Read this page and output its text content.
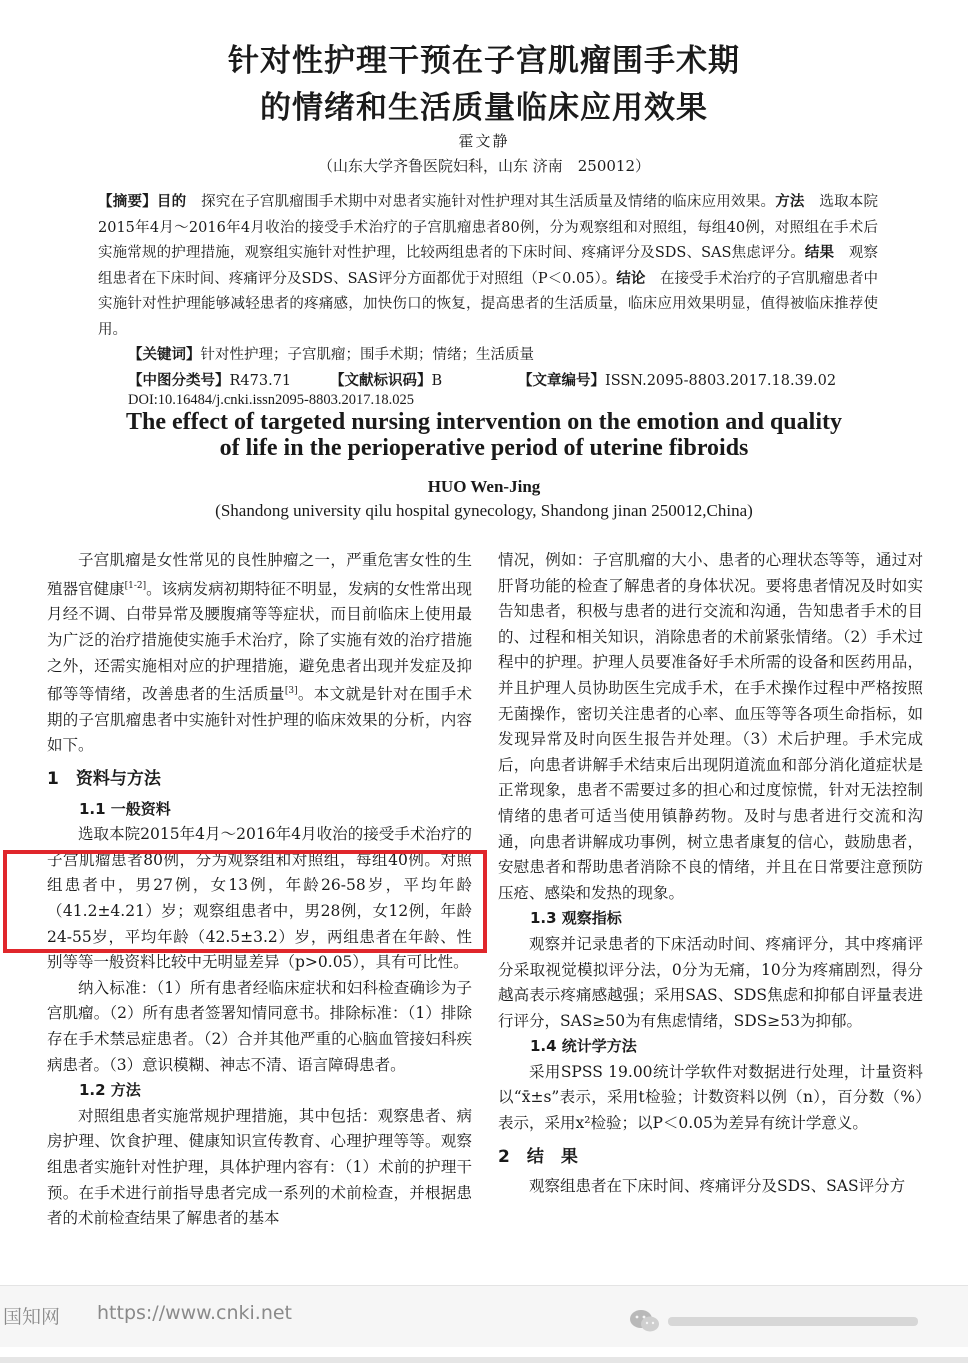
针对性护理干预在子宫肌瘤围手术期
的情绪和生活质量临床应用效果
霍文静
（山东大学齐鲁医院妇科，山东 济南　250012）
【摘要】目的　探究在子宫肌瘤围手术期中对患者实施针对性护理对其生活质量及情绪的临床应用效果。方法　选取本院2015年4月～2016年4月收治的接受手术治疗的子宫肌瘤患者80例，分为观察组和对照组，每组40例，对照组在手术后实施常规的护理措施，观察组实施针对性护理，比较两组患者的下床时间、疼痛评分及SDS、SAS焦虑评分。结果　观察组患者在下床时间、疼痛评分及SDS、SAS评分方面都优于对照组（P＜0.05）。结论　在接受手术治疗的子宫肌瘤患者中实施针对性护理能够减轻患者的疼痛感，加快伤口的恢复，提高患者的生活质量，临床应用效果明显，值得被临床推荐使用。
【关键词】针对性护理；子宫肌瘤；围手术期；情绪；生活质量
【中图分类号】R473.71	【文献标识码】B	【文章编号】ISSN.2095-8803.2017.18.39.02
DOI:10.16484/j.cnki.issn2095-8803.2017.18.025
The effect of targeted nursing intervention on the emotion and quality
of life in the perioperative period of uterine fibroids
HUO Wen-Jing
(Shandong university qilu hospital gynecology, Shandong jinan 250012,China)

子宫肌瘤是女性常见的良性肿瘤之一，严重危害女性的生殖器官健康[1-2]。该病发病初期特征不明显，发病的女性常出现月经不调、白带异常及腰腹痛等等症状，而目前临床上使用最为广泛的治疗措施使实施手术治疗，除了实施有效的治疗措施之外，还需实施相对应的护理措施，避免患者出现并发症及抑郁等等情绪，改善患者的生活质量[3]。本文就是针对在围手术期的子宫肌瘤患者中实施针对性护理的临床效果的分析，内容如下。

1　资料与方法
1.1 一般资料

选取本院2015年4月～2016年4月收治的接受手术治疗的子宫肌瘤患者80例，分为观察组和对照组，每组40例。对照组患者中，男27例，女13例，年龄26-58岁，平均年龄（41.2±4.21）岁；观察组患者中，男28例，女12例，年龄24-55岁，平均年龄（42.5±3.2）岁，两组患者在年龄、性别等等一般资料比较中无明显差异（p>0.05），具有可比性。

纳入标准：（1）所有患者经临床症状和妇科检查确诊为子宫肌瘤。（2）所有患者签署知情同意书。排除标准：（1）排除存在手术禁忌症患者。（2）合并其他严重的心脑血管接妇科疾病患者。（3）意识模糊、神志不清、语言障碍患者。

1.2 方法

对照组患者实施常规护理措施，其中包括：观察患者、病房护理、饮食护理、健康知识宣传教育、心理护理等等。观察组患者实施针对性护理，具体护理内容有：（1）术前的护理干预。在手术进行前指导患者完成一系列的术前检查，并根据患者的术前检查结果了解患者的基本

情况，例如：子宫肌瘤的大小、患者的心理状态等等，通过对肝肾功能的检查了解患者的身体状况。要将患者情况及时如实告知患者，积极与患者的进行交流和沟通，告知患者手术的目的、过程和相关知识，消除患者的术前紧张情绪。（2）手术过程中的护理。护理人员要准备好手术所需的设备和医药用品，并且护理人员协助医生完成手术，在手术操作过程中严格按照无菌操作，密切关注患者的心率、血压等等各项生命指标，如发现异常及时向医生报告并处理。（3）术后护理。手术完成后，向患者讲解手术结束后出现阴道流血和部分消化道症状是正常现象，患者不需要过多的担心和过度惊慌，针对无法控制情绪的患者可适当使用镇静药物。及时与患者进行交流和沟通，向患者讲解成功事例，树立患者康复的信心，鼓励患者，安慰患者和帮助患者消除不良的情绪，并且在日常要注意预防压疮、感染和发热的现象。

1.3 观察指标

观察并记录患者的下床活动时间、疼痛评分，其中疼痛评分采取视觉模拟评分法，0分为无痛，10分为疼痛剧烈，得分越高表示疼痛感越强；采用SAS、SDS焦虑和抑郁自评量表进行评分，SAS≥50为有焦虑情绪，SDS≥53为抑郁。

1.4 统计学方法

采用SPSS 19.00统计学软件对数据进行处理，计量资料以“x̄±s”表示，采用t检验；计数资料以例（n），百分数（%）表示，采用x²检验；以P＜0.05为差异有统计学意义。

2　结　果

观察组患者在下床时间、疼痛评分及SDS、SAS评分方

国知网 https://www.cnki.net
